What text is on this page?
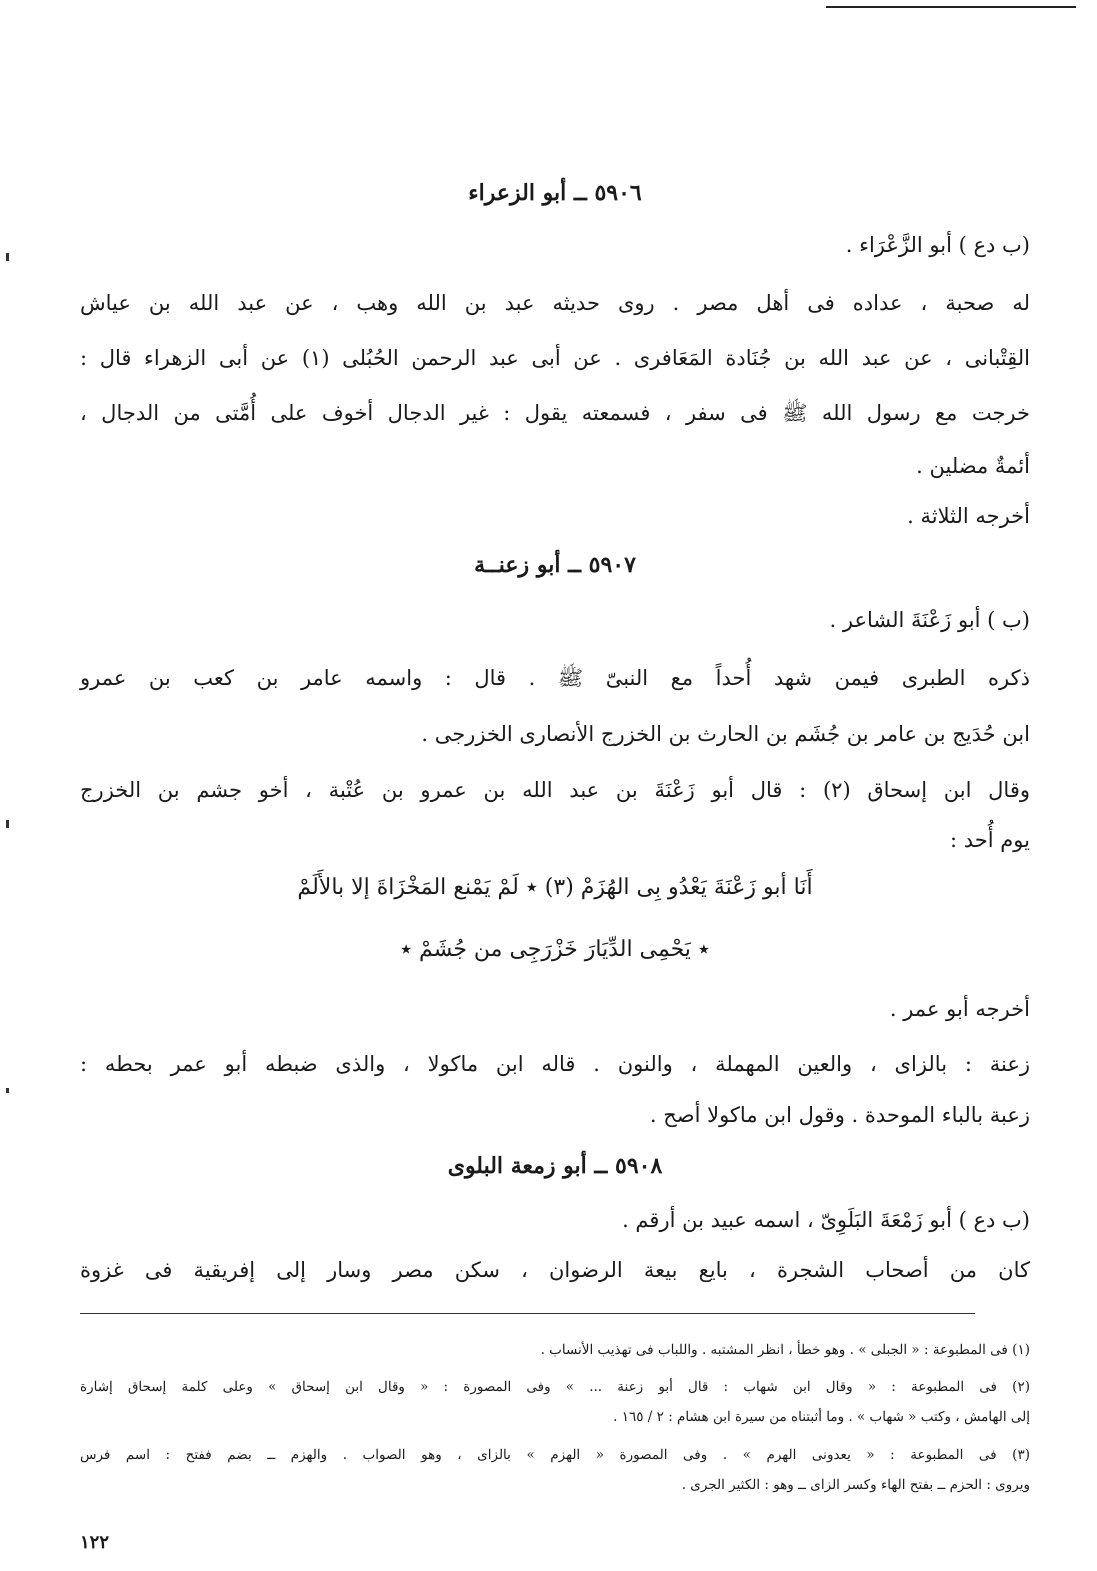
٥٩٠٦ ــ أبو الزعراء
(ب دع ) أبو الزَّعْرَاء .
له صحبة ، عداده فى أهل مصر . روى حديثه عبد بن الله وهب ، عن عبد الله بن عياش
القِتْبانى ، عن عبد الله بن جُنَادة المَعَافرى . عن أبى عبد الرحمن الحُبُلى (١) عن أبى الزهراء قال :
خرجت مع رسول الله ﷺ فى سفر ، فسمعته يقول : غير الدجال أخوف على أُمَّتى من الدجال ،
أئمةٌ مضلين .
أخرجه الثلاثة .
٥٩٠٧ ــ أبو زعنــة
(ب ) أبو زَعْنَةَ الشاعر .
ذكره الطبرى فيمن شهد أُحداً مع النبىّ ﷺ . قال : واسمه عامر بن كعب بن عمرو
ابن حُدَيج بن عامر بن جُشَم بن الحارث بن الخزرج الأنصارى الخزرجى .
وقال ابن إسحاق (٢) : قال أبو زَعْنَةَ بن عبد الله بن عمرو بن عُتْبة ، أخو جشم بن الخزرج
يوم أُحد :
أَنَا أبو زَعْنَةَ يَعْدُو بِى الهُزَمْ (٣) ٭ لَمْ يَمْنع المَخْزَاةَ إلا بالأَلَمْ
٭ يَحْمِى الدِّيَارَ خَزْرَجِى من جُشَمْ ٭
أخرجه أبو عمر .
زعنة : بالزاى ، والعين المهملة ، والنون . قاله ابن ماكولا ، والذى ضبطه أبو عمر بحطه :
زعبة بالباء الموحدة . وقول ابن ماكولا أصح .
٥٩٠٨ ــ أبو زمعة البلوى
(ب دع ) أبو زَمْعَةَ البَلَوِىّ ، اسمه عبيد بن أرقم .
كان من أصحاب الشجرة ، بايع بيعة الرضوان ، سكن مصر وسار إلى إفريقية فى غزوة
(١) فى المطبوعة : « الجبلى » . وهو خطأ ، انظر المشتبه . واللباب فى تهذيب الأنساب .
(٢) فى المطبوعة : « وقال ابن شهاب : قال أبو زعنة ... » وفى المصورة : « وقال ابن إسحاق » وعلى كلمة إسحاق إشارة
إلى الهامش ، وكتب « شهاب » . وما أثبتناه من سيرة ابن هشام : ٢ / ١٦٥ .
(٣) فى المطبوعة : « يعدونى الهرم » . وفى المصورة « الهزم » بالزاى ، وهو الصواب . والهزم ــ بضم ففتح : اسم فرس
ويروى : الحزم ــ بفتح الهاء وكسر الزاى ــ وهو : الكثير الجرى .
١٢٢
